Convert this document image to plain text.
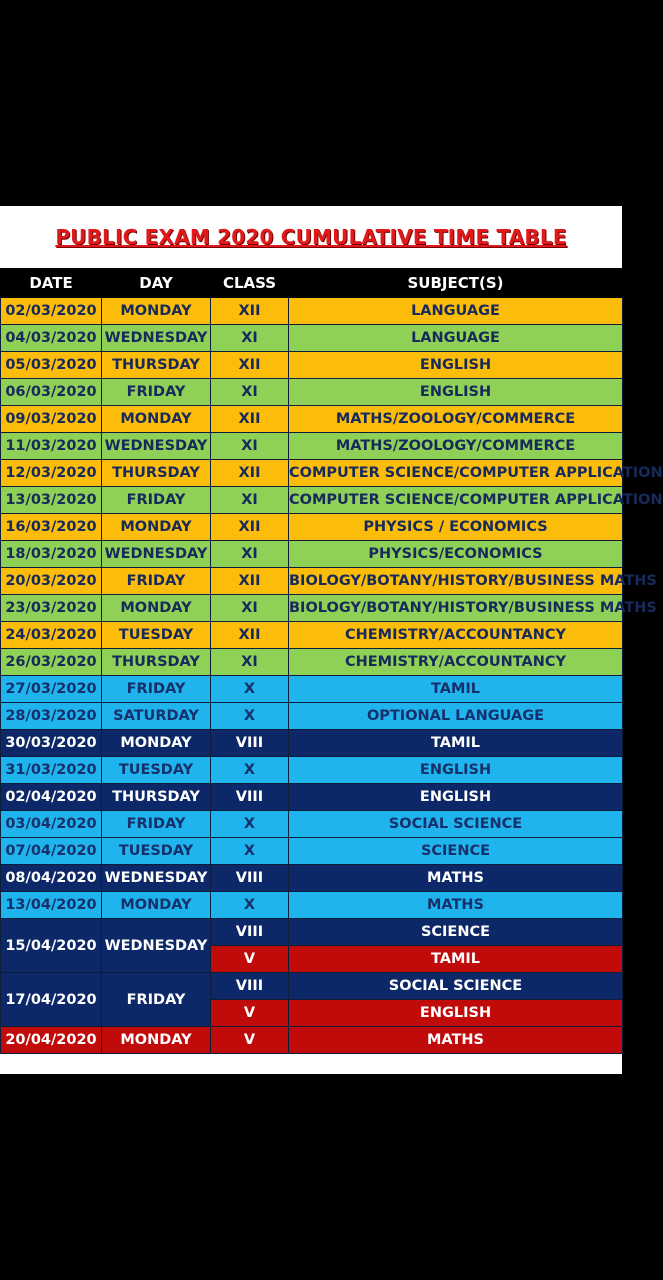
PUBLIC EXAM 2020 CUMULATIVE TIME TABLE
DATE	DAY	CLASS	SUBJECT(S)
02/03/2020	MONDAY	XII	LANGUAGE
04/03/2020	WEDNESDAY	XI	LANGUAGE
05/03/2020	THURSDAY	XII	ENGLISH
06/03/2020	FRIDAY	XI	ENGLISH
09/03/2020	MONDAY	XII	MATHS/ZOOLOGY/COMMERCE
11/03/2020	WEDNESDAY	XI	MATHS/ZOOLOGY/COMMERCE
12/03/2020	THURSDAY	XII	COMPUTER SCIENCE/COMPUTER APPLICATION
13/03/2020	FRIDAY	XI	COMPUTER SCIENCE/COMPUTER APPLICATION
16/03/2020	MONDAY	XII	PHYSICS / ECONOMICS
18/03/2020	WEDNESDAY	XI	PHYSICS/ECONOMICS
20/03/2020	FRIDAY	XII	BIOLOGY/BOTANY/HISTORY/BUSINESS MATHS
23/03/2020	MONDAY	XI	BIOLOGY/BOTANY/HISTORY/BUSINESS MATHS
24/03/2020	TUESDAY	XII	CHEMISTRY/ACCOUNTANCY
26/03/2020	THURSDAY	XI	CHEMISTRY/ACCOUNTANCY
27/03/2020	FRIDAY	X	TAMIL
28/03/2020	SATURDAY	X	OPTIONAL LANGUAGE
30/03/2020	MONDAY	VIII	TAMIL
31/03/2020	TUESDAY	X	ENGLISH
02/04/2020	THURSDAY	VIII	ENGLISH
03/04/2020	FRIDAY	X	SOCIAL SCIENCE
07/04/2020	TUESDAY	X	SCIENCE
08/04/2020	WEDNESDAY	VIII	MATHS
13/04/2020	MONDAY	X	MATHS
15/04/2020	WEDNESDAY	VIII	SCIENCE
		V	TAMIL
17/04/2020	FRIDAY	VIII	SOCIAL SCIENCE
		V	ENGLISH
20/04/2020	MONDAY	V	MATHS
